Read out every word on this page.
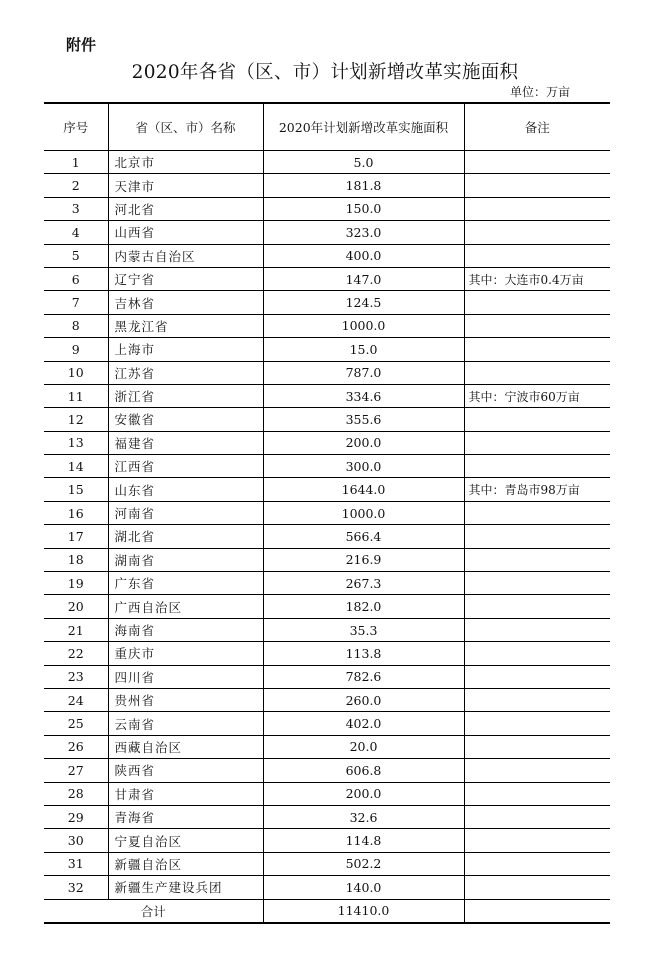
附件
2020年各省（区、市）计划新增改革实施面积
单位：万亩
序号	省（区、市）名称	2020年计划新增改革实施面积	备注
1	北京市	5.0	
2	天津市	181.8	
3	河北省	150.0	
4	山西省	323.0	
5	内蒙古自治区	400.0	
6	辽宁省	147.0	其中：大连市0.4万亩
7	吉林省	124.5	
8	黑龙江省	1000.0	
9	上海市	15.0	
10	江苏省	787.0	
11	浙江省	334.6	其中：宁波市60万亩
12	安徽省	355.6	
13	福建省	200.0	
14	江西省	300.0	
15	山东省	1644.0	其中：青岛市98万亩
16	河南省	1000.0	
17	湖北省	566.4	
18	湖南省	216.9	
19	广东省	267.3	
20	广西自治区	182.0	
21	海南省	35.3	
22	重庆市	113.8	
23	四川省	782.6	
24	贵州省	260.0	
25	云南省	402.0	
26	西藏自治区	20.0	
27	陕西省	606.8	
28	甘肃省	200.0	
29	青海省	32.6	
30	宁夏自治区	114.8	
31	新疆自治区	502.2	
32	新疆生产建设兵团	140.0	
合计		11410.0	
